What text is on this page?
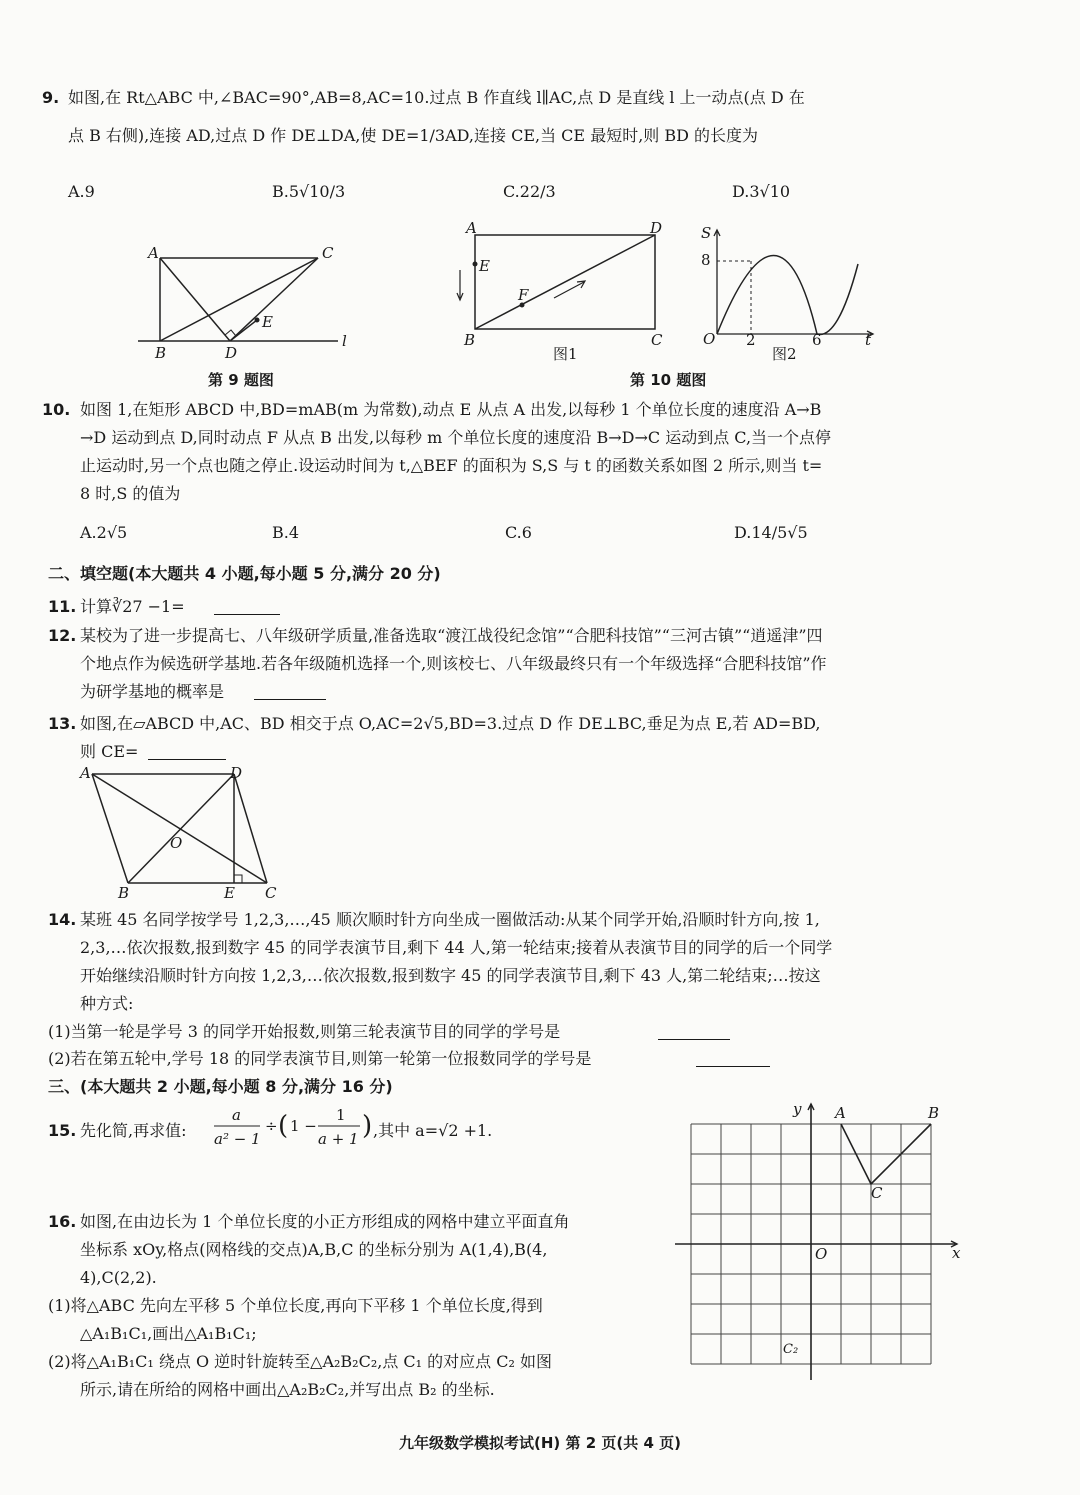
9. 如图,在 Rt△ABC 中,∠BAC=90°,AB=8,AC=10.过点 B 作直线 l∥AC,点 D 是直线 l 上一动点(点 D 在
点 B 右侧),连接 AD,过点 D 作 DE⊥DA,使 DE=1/3AD,连接 CE,当 CE 最短时,则 BD 的长度为
A.9	B.5√10/3	C.22/3	D.3√10
A	C
E
B	D
l
第 9 题图
A	D
E
F
B	C
图1
S
8
O 2	6	t
图2
第 10 题图
10. 如图 1,在矩形 ABCD 中,BD=mAB(m 为常数),动点 E 从点 A 出发,以每秒 1 个单位长度的速度沿 A→B
→D 运动到点 D,同时动点 F 从点 B 出发,以每秒 m 个单位长度的速度沿 B→D→C 运动到点 C,当一个点停
止运动时,另一个点也随之停止.设运动时间为 t,△BEF 的面积为 S,S 与 t 的函数关系如图 2 所示,则当 t=
8 时,S 的值为
A.2√5	B.4	C.6	D.14/5√5
二、填空题(本大题共 4 小题,每小题 5 分,满分 20 分)
11. 计算∛27 −1=
12. 某校为了进一步提高七、八年级研学质量,准备选取“渡江战役纪念馆”“合肥科技馆”“三河古镇”“逍遥津”四
个地点作为候选研学基地.若各年级随机选择一个,则该校七、八年级最终只有一个年级选择“合肥科技馆”作
为研学基地的概率是
13. 如图,在▱ABCD 中,AC、BD 相交于点 O,AC=2√5,BD=3.过点 D 作 DE⊥BC,垂足为点 E,若 AD=BD,
则 CE=
A	D
O
B	E C
14. 某班 45 名同学按学号 1,2,3,…,45 顺次顺时针方向坐成一圈做活动:从某个同学开始,沿顺时针方向,按 1,
2,3,…依次报数,报到数字 45 的同学表演节目,剩下 44 人,第一轮结束;接着从表演节目的同学的后一个同学
开始继续沿顺时针方向按 1,2,3,…依次报数,报到数字 45 的同学表演节目,剩下 43 人,第二轮结束;…按这
种方式:
(1)当第一轮是学号 3 的同学开始报数,则第三轮表演节目的同学的学号是
(2)若在第五轮中,学号 18 的同学表演节目,则第一轮第一位报数同学的学号是
三、(本大题共 2 小题,每小题 8 分,满分 16 分)
15. 先化简,再求值:
a
a² − 1
÷ ( 1 −
1
a + 1 ) ,其中 a=√2 +1.
16. 如图,在由边长为 1 个单位长度的小正方形组成的网格中建立平面直角
坐标系 xOy,格点(网格线的交点)A,B,C 的坐标分别为 A(1,4),B(4,
4),C(2,2).
(1)将△ABC 先向左平移 5 个单位长度,再向下平移 1 个单位长度,得到
△A₁B₁C₁,画出△A₁B₁C₁;
(2)将△A₁B₁C₁ 绕点 O 逆时针旋转至△A₂B₂C₂,点 C₁ 的对应点 C₂ 如图
所示,请在所给的网格中画出△A₂B₂C₂,并写出点 B₂ 的坐标.
y A	B
C
O	x
C₂
九年级数学模拟考试(H) 第 2 页(共 4 页)
